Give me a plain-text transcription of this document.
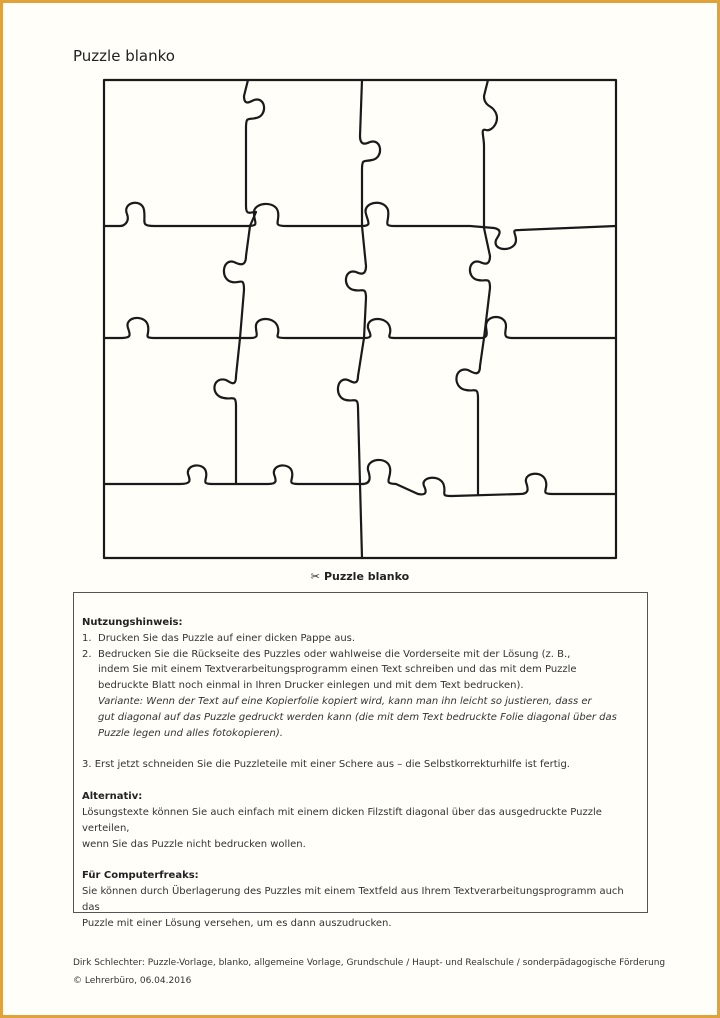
Puzzle blanko
✂ Puzzle blanko
Nutzungshinweis:
1. Drucken Sie das Puzzle auf einer dicken Pappe aus.
2. Bedrucken Sie die Rückseite des Puzzles oder wahlweise die Vorderseite mit der Lösung (z. B.,
indem Sie mit einem Textverarbeitungsprogramm einen Text schreiben und das mit dem Puzzle
bedruckte Blatt noch einmal in Ihren Drucker einlegen und mit dem Text bedrucken).
Variante: Wenn der Text auf eine Kopierfolie kopiert wird, kann man ihn leicht so justieren, dass er
gut diagonal auf das Puzzle gedruckt werden kann (die mit dem Text bedruckte Folie diagonal über das
Puzzle legen und alles fotokopieren).
3. Erst jetzt schneiden Sie die Puzzleteile mit einer Schere aus – die Selbstkorrekturhilfe ist fertig.
Alternativ:
Lösungstexte können Sie auch einfach mit einem dicken Filzstift diagonal über das ausgedruckte Puzzle verteilen,
wenn Sie das Puzzle nicht bedrucken wollen.
Für Computerfreaks:
Sie können durch Überlagerung des Puzzles mit einem Textfeld aus Ihrem Textverarbeitungsprogramm auch das
Puzzle mit einer Lösung versehen, um es dann auszudrucken.
Dirk Schlechter: Puzzle-Vorlage, blanko, allgemeine Vorlage, Grundschule / Haupt- und Realschule / sonderpädagogische Förderung
© Lehrerbüro, 06.04.2016
